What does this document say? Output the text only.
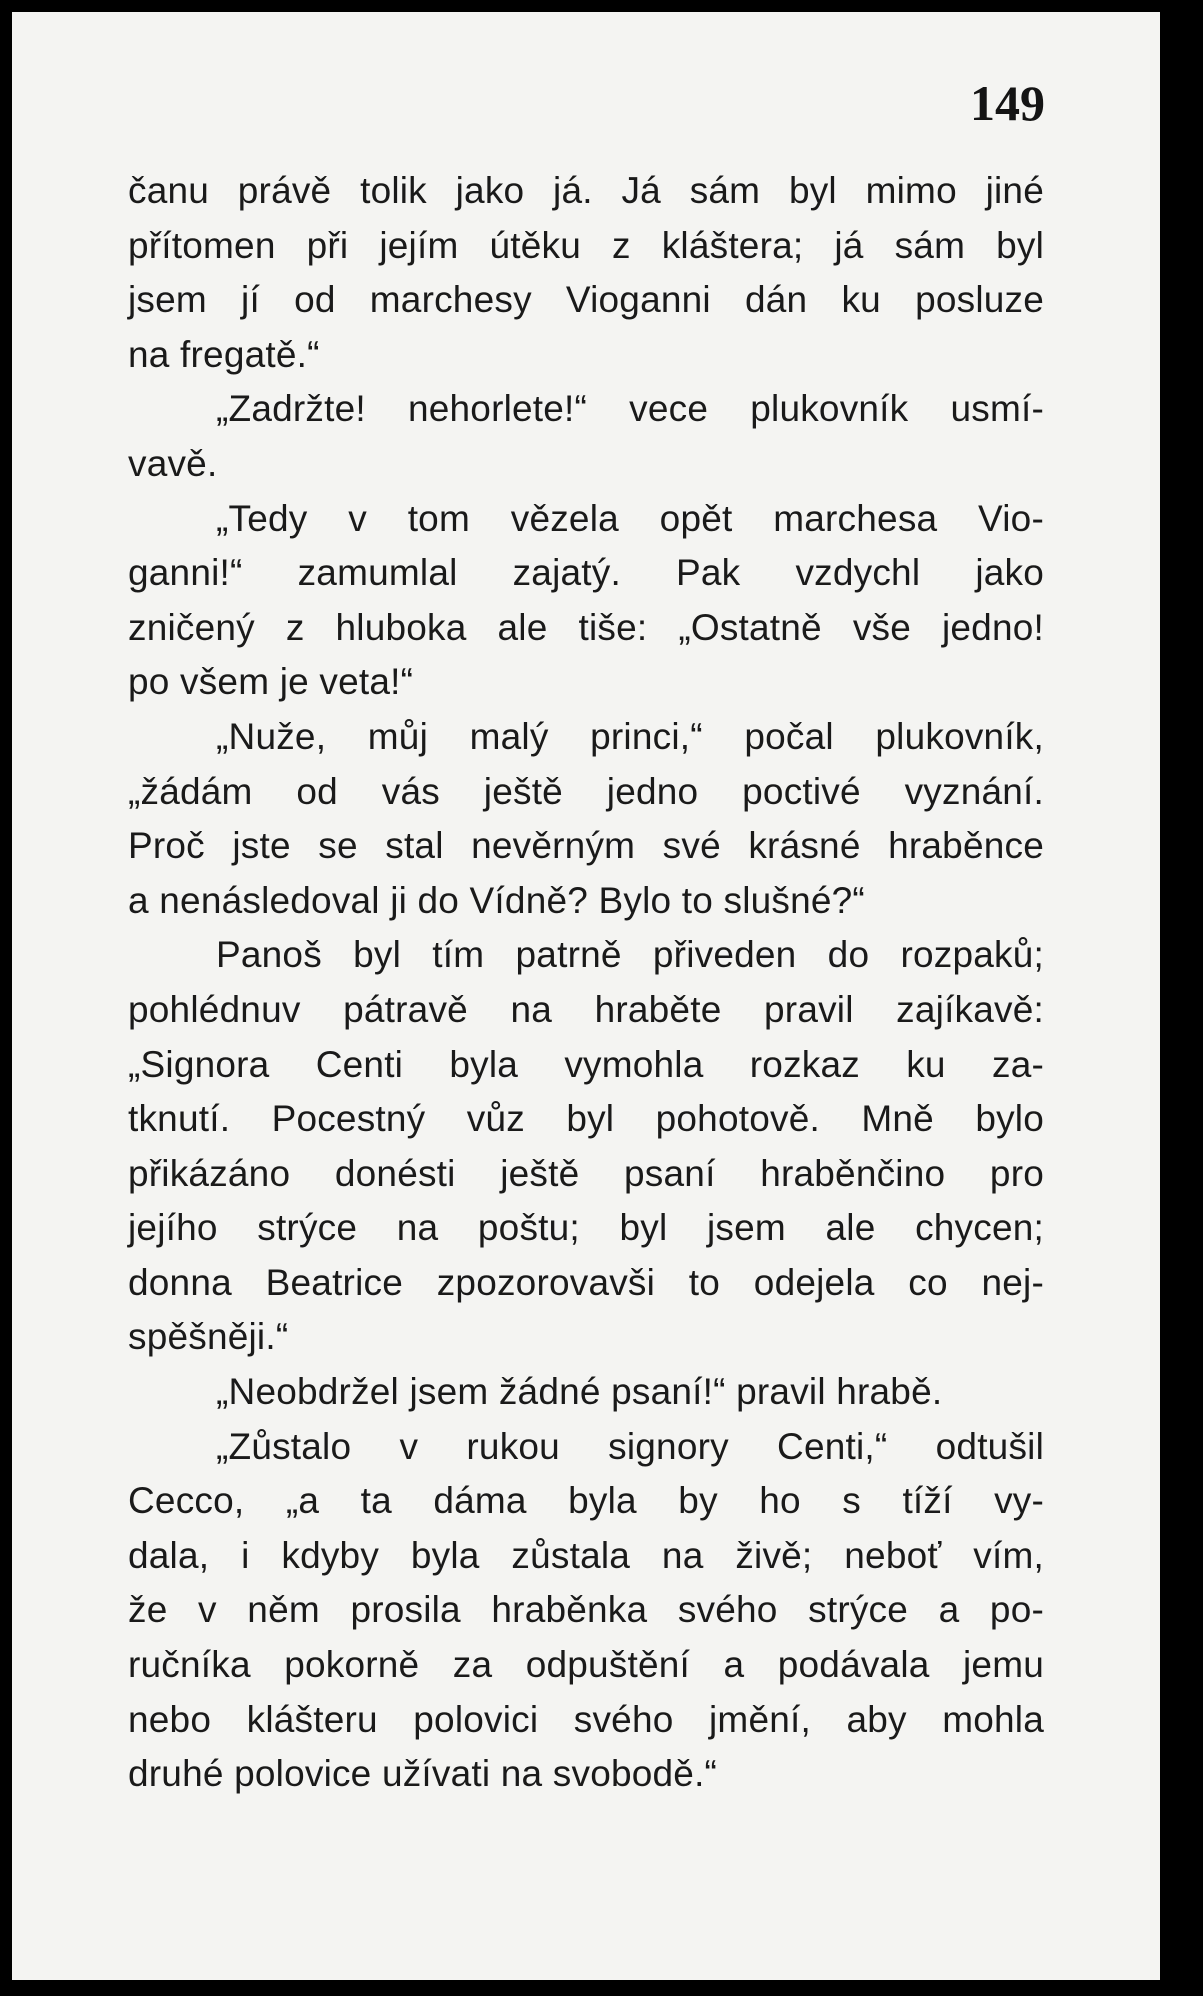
149
čanu právě tolik jako já. Já sám byl mimo jiné
přítomen při jejím útěku z kláštera; já sám byl
jsem jí od marchesy Vioganni dán ku posluze
na fregatě.“
„Zadržte! nehorlete!“ vece plukovník usmí-
vavě.
„Tedy v tom vězela opět marchesa Vio-
ganni!“ zamumlal zajatý. Pak vzdychl jako
zničený z hluboka ale tiše: „Ostatně vše jedno!
po všem je veta!“
„Nuže, můj malý princi,“ počal plukovník,
„žádám od vás ještě jedno poctivé vyznání.
Proč jste se stal nevěrným své krásné hraběnce
a nenásledoval ji do Vídně? Bylo to slušné?“
Panoš byl tím patrně přiveden do rozpaků;
pohlédnuv pátravě na hraběte pravil zajíkavě:
„Signora Centi byla vymohla rozkaz ku za-
tknutí. Pocestný vůz byl pohotově. Mně bylo
přikázáno donésti ještě psaní hraběnčino pro
jejího strýce na poštu; byl jsem ale chycen;
donna Beatrice zpozorovavši to odejela co nej-
spěšněji.“
„Neobdržel jsem žádné psaní!“ pravil hrabě.
„Zůstalo v rukou signory Centi,“ odtušil
Cecco, „a ta dáma byla by ho s tíží vy-
dala, i kdyby byla zůstala na živě; neboť vím,
že v něm prosila hraběnka svého strýce a po-
ručníka pokorně za odpuštění a podávala jemu
nebo klášteru polovici svého jmění, aby mohla
druhé polovice užívati na svobodě.“
